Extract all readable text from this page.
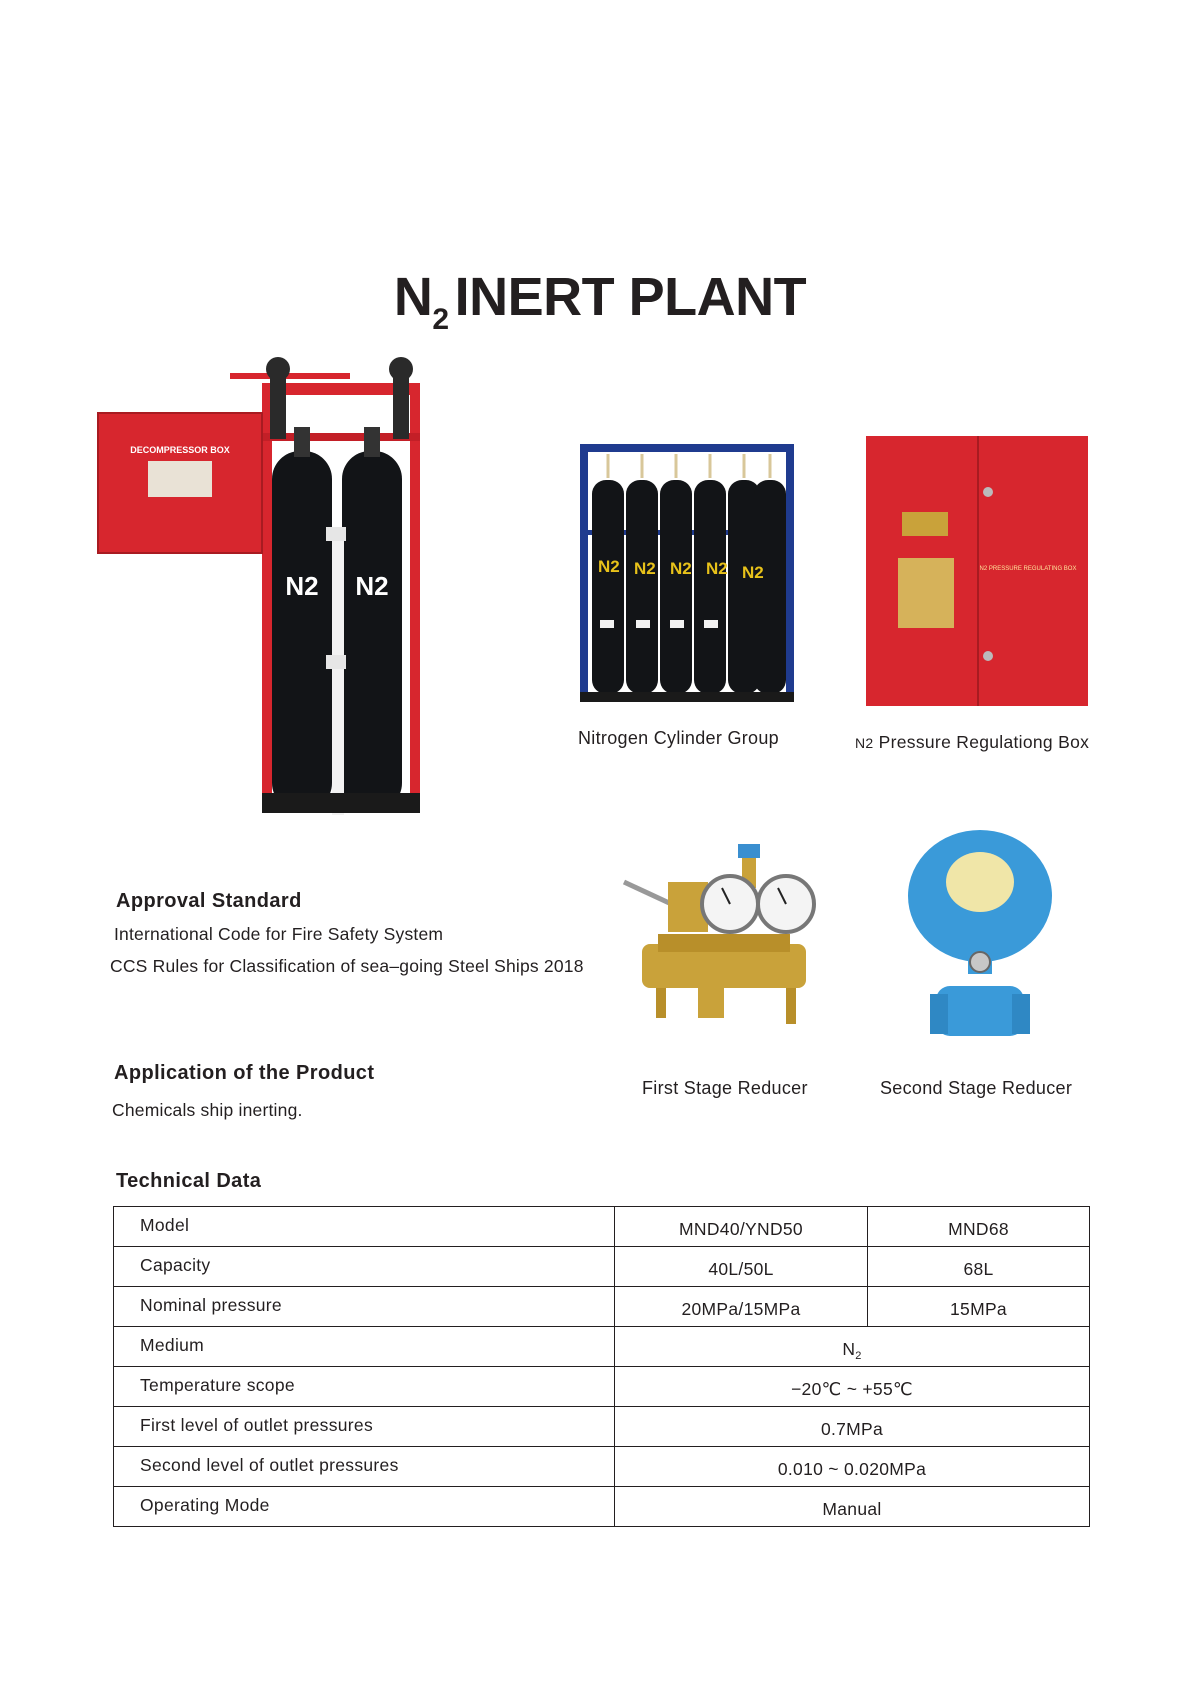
$N_2$ INERT PLANT
DECOMPRESSOR BOX
N2 N2
N2 N2 N2 N2 N2
Nitrogen Cylinder Group
N2 PRESSURE REGULATING BOX
N2 Pressure Regulationg Box
First Stage Reducer	Second Stage Reducer
Approval Standard
International Code for Fire Safety System
CCS Rules for Classification of sea–going Steel Ships 2018
Application of the Product
Chemicals ship inerting.
Technical Data
Model	MND40/YND50	MND68
Capacity	40L/50L	68L
Nominal pressure	20MPa/15MPa	15MPa
Medium	$N_2$
Temperature scope	−20℃ ~ +55℃	
First level of outlet pressures	0.7MPa	
Second level of outlet pressures	0.010 ~ 0.020MPa	
Operating Mode	Manual	
